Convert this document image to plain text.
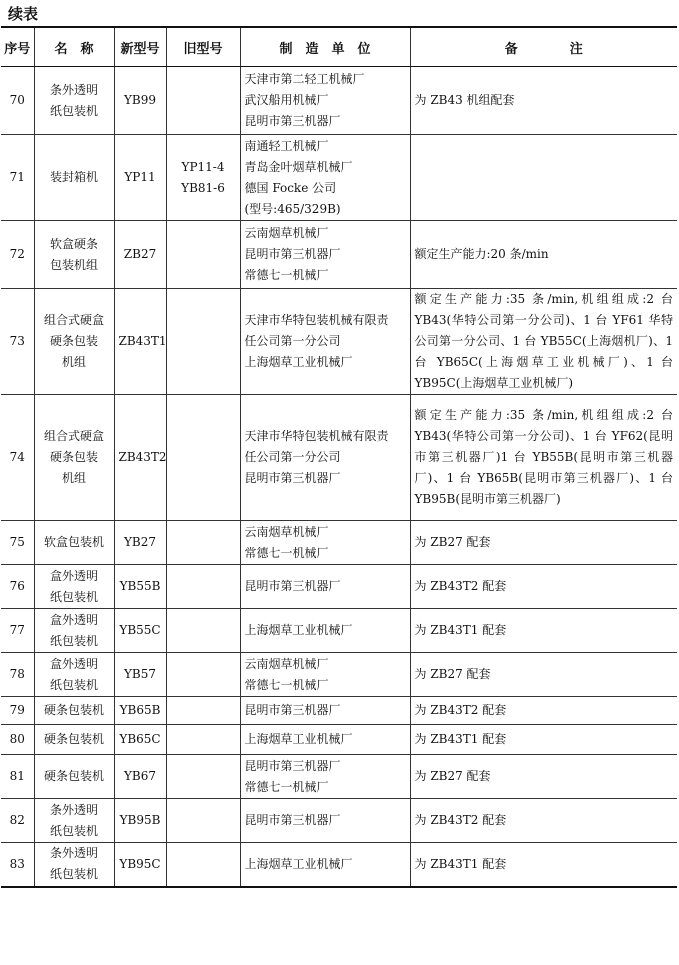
续表
序号	名　称	新型号	旧型号	制　造　单　位	备　　　　注
70	条外透明
纸包装机	YB99		天津市第二轻工机械厂
武汉船用机械厂
昆明市第三机器厂	为 ZB43 机组配套
71	装封箱机	YP11	YP11-4
YB81-6	南通轻工机械厂
青岛金叶烟草机械厂
德国 Focke 公司
(型号:465/329B)	

72	软盒硬条
包装机组	ZB27		云南烟草机械厂
昆明市第三机器厂
常德七一机械厂	额定生产能力:20 条/min
73	组合式硬盒
硬条包装
机组	ZB43T1		天津市华特包装机械有限责
任公司第一分公司
上海烟草工业机械厂	额定生产能力:35 条/min,机组组成:2 台 YB43(华特公司第一分公司)、1 台 YF61 华特公司第一分公司、1 台 YB55C(上海烟机厂)、1 台 YB65C(上海烟草工业机械厂)、1 台 YB95C(上海烟草工业机械厂)
74	组合式硬盒
硬条包装
机组	ZB43T2		天津市华特包装机械有限责
任公司第一分公司
昆明市第三机器厂	额定生产能力:35 条/min,机组组成:2 台 YB43(华特公司第一分公司)、1 台 YF62(昆明市第三机器厂)1 台 YB55B(昆明市第三机器厂)、1 台 YB65B(昆明市第三机器厂)、1 台 YB95B(昆明市第三机器厂)
75	软盒包装机	YB27		云南烟草机械厂
常德七一机械厂	为 ZB27 配套
76	盒外透明
纸包装机	YB55B		昆明市第三机器厂	为 ZB43T2 配套
77	盒外透明
纸包装机	YB55C		上海烟草工业机械厂	为 ZB43T1 配套
78	盒外透明
纸包装机	YB57		云南烟草机械厂
常德七一机械厂	为 ZB27 配套
79	硬条包装机	YB65B		昆明市第三机器厂	为 ZB43T2 配套
80	硬条包装机	YB65C		上海烟草工业机械厂	为 ZB43T1 配套
81	硬条包装机	YB67		昆明市第三机器厂
常德七一机械厂	为 ZB27 配套
82	条外透明
纸包装机	YB95B		昆明市第三机器厂	为 ZB43T2 配套
83	条外透明
纸包装机	YB95C		上海烟草工业机械厂	为 ZB43T1 配套
